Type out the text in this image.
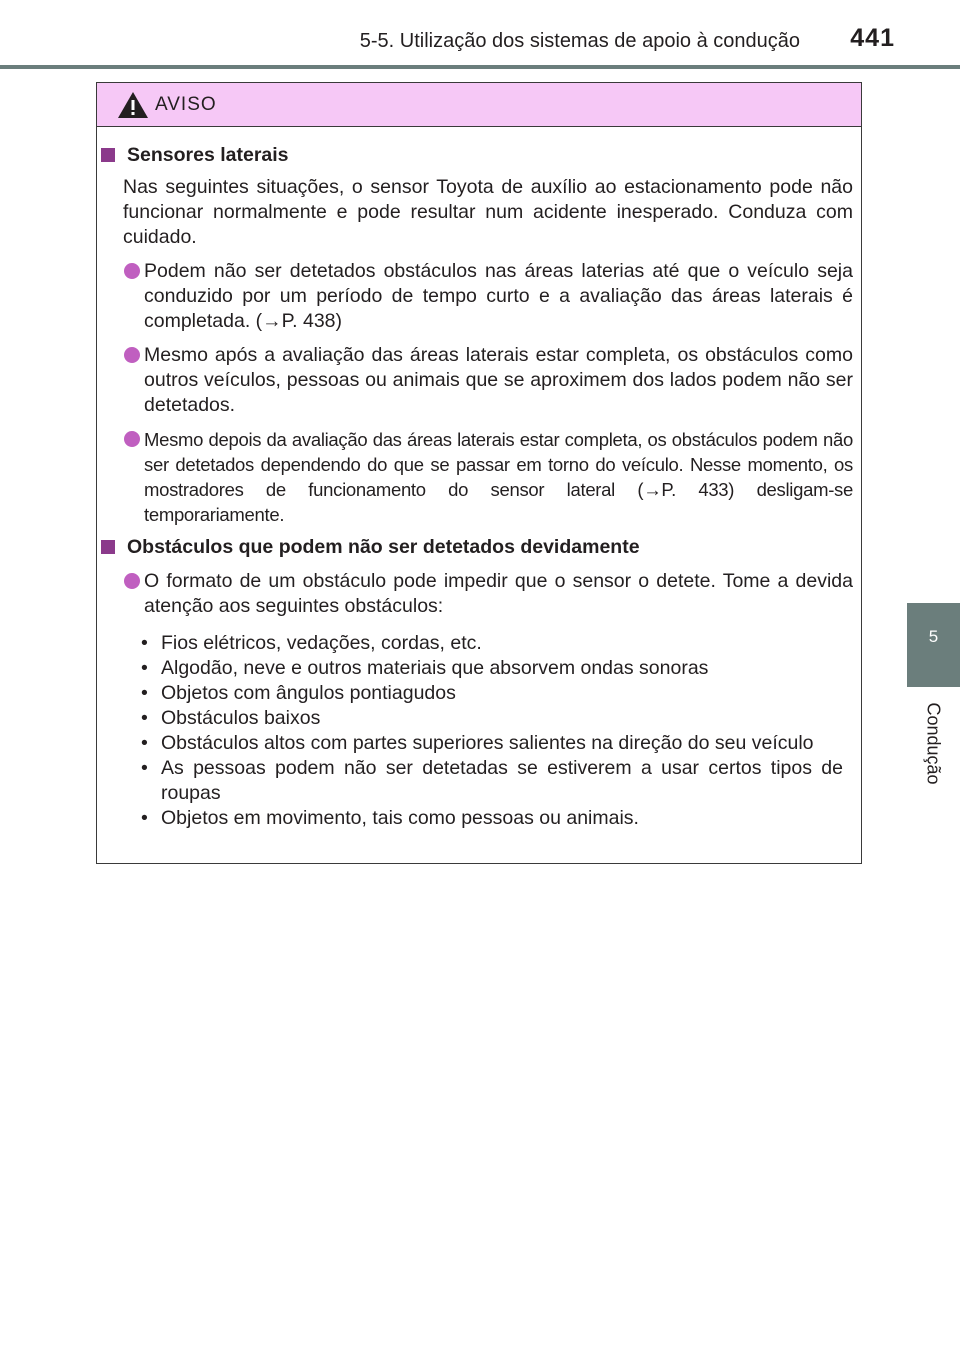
5-5. Utilização dos sistemas de apoio à condução	441
5
Condução
AVISO
Sensores laterais
Nas seguintes situações, o sensor Toyota de auxílio ao estacionamento pode não funcionar normalmente e pode resultar num acidente inesperado. Conduza com cuidado.
Podem não ser detetados obstáculos nas áreas laterias até que o veículo seja conduzido por um período de tempo curto e a avaliação das áreas laterais é completada. (→P. 438)
Mesmo após a avaliação das áreas laterais estar completa, os obstáculos como outros veículos, pessoas ou animais que se aproximem dos lados podem não ser detetados.
Mesmo depois da avaliação das áreas laterais estar completa, os obstáculos podem não ser detetados dependendo do que se passar em torno do veículo. Nesse momento, os mostradores de funcionamento do sensor lateral (→P. 433) desligam-se temporariamente.
Obstáculos que podem não ser detetados devidamente
O formato de um obstáculo pode impedir que o sensor o detete. Tome a devida atenção aos seguintes obstáculos:
• Fios elétricos, vedações, cordas, etc.
• Algodão, neve e outros materiais que absorvem ondas sonoras
• Objetos com ângulos pontiagudos
• Obstáculos baixos
• Obstáculos altos com partes superiores salientes na direção do seu veículo
• As pessoas podem não ser detetadas se estiverem a usar certos tipos de roupas
• Objetos em movimento, tais como pessoas ou animais.
